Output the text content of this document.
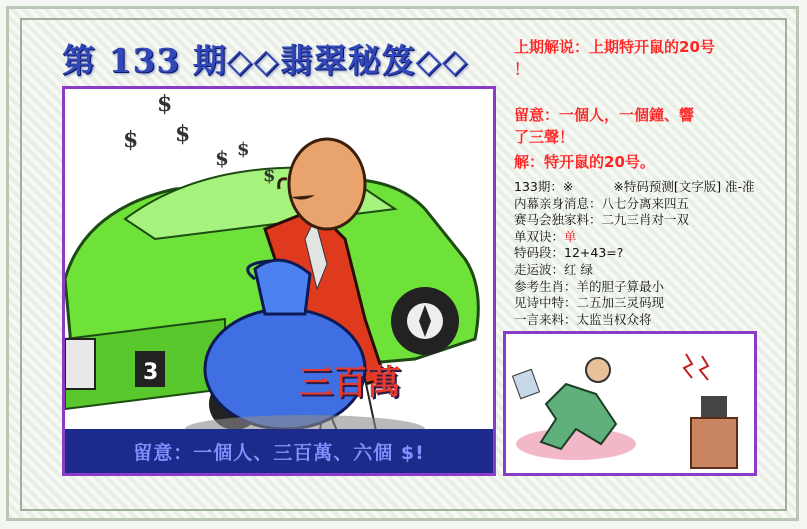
第 133 期◇◇翡翠秘笈◇◇
3
$
$ $
$ $
$
三百萬
留意：一個人、三百萬、六個 $!
上期解说：上期特开鼠的20号
！
留意：一個人，一個鐘、響
了三聲！
解：特开鼠的20号。
133期：※	※特码预测[文字版] 准-准
内幕亲身消息：八七分离来四五
赛马会独家料：二九三肖对一双
单双诀：单
特码段：12+43=?
走运波：红 绿
参考生肖：羊的胆子算最小
见诗中特：二五加三灵码现
一言来料：太监当权众将
